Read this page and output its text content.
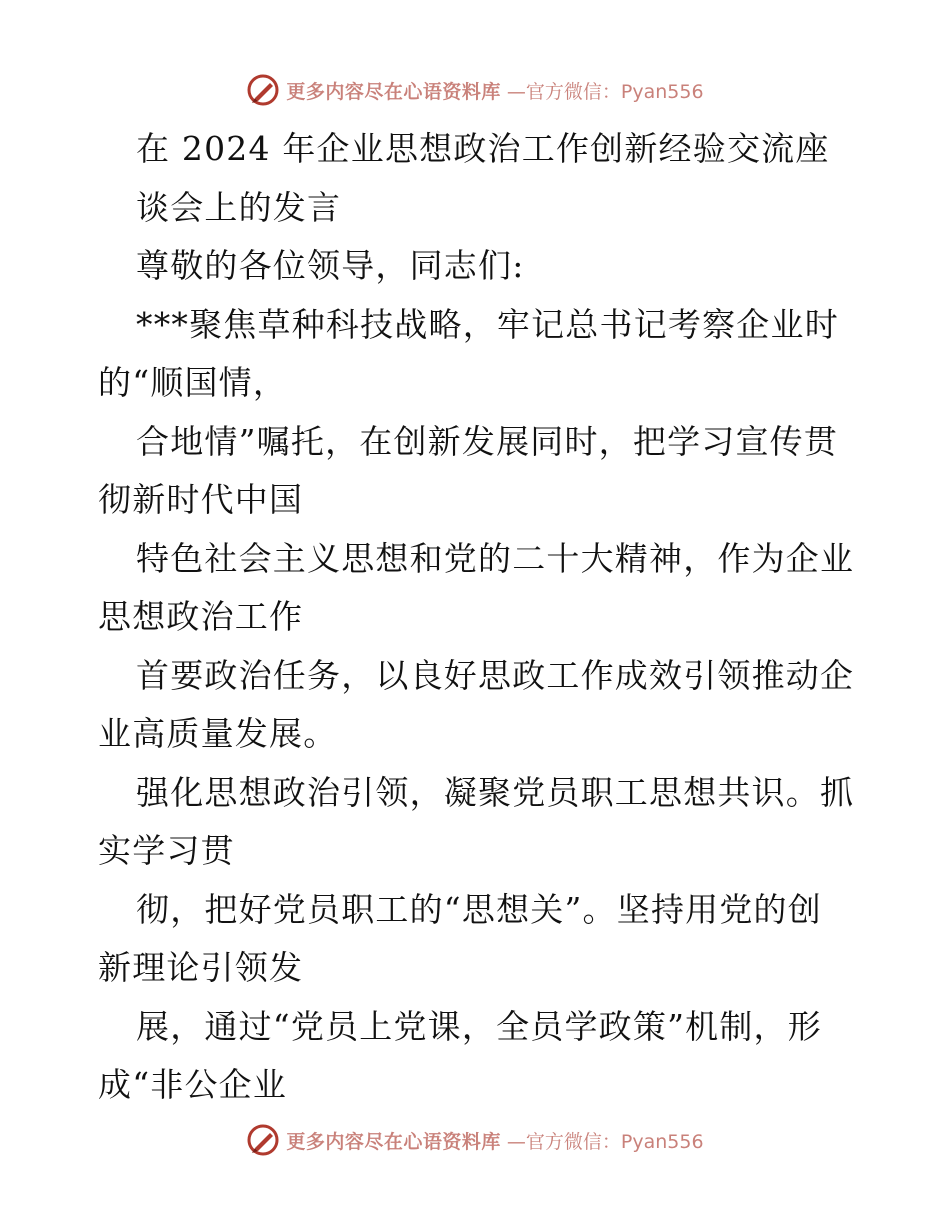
更多内容尽在心语资料库 —官方微信：Pyan556
在 2024 年企业思想政治工作创新经验交流座
谈会上的发言
尊敬的各位领导，同志们:
***聚焦草种科技战略，牢记总书记考察企业时
的“顺国情，
合地情”嘱托，在创新发展同时，把学习宣传贯
彻新时代中国
特色社会主义思想和党的二十大精神，作为企业
思想政治工作
首要政治任务，以良好思政工作成效引领推动企
业高质量发展。
强化思想政治引领，凝聚党员职工思想共识。抓
实学习贯
彻，把好党员职工的“思想关”。坚持用党的创
新理论引领发
展，通过“党员上党课，全员学政策”机制，形
成“非公企业
更多内容尽在心语资料库 —官方微信：Pyan556
